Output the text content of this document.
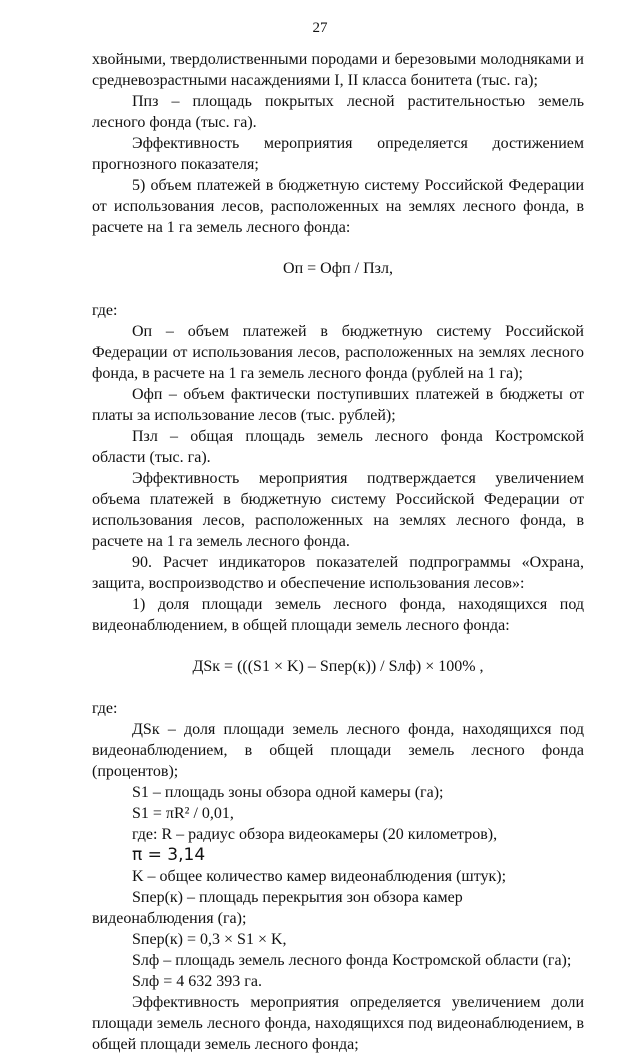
27

хвойными, твердолиственными породами и березовыми молодняками и средневозрастными насаждениями I, II класса бонитета (тыс. га);

Ппз – площадь покрытых лесной растительностью земель лесного фонда (тыс. га).

Эффективность мероприятия определяется достижением прогнозного показателя;

5) объем платежей в бюджетную систему Российской Федерации от использования лесов, расположенных на землях лесного фонда, в расчете на 1 га земель лесного фонда:

Оп = Офп / Пзл,

где:

Оп – объем платежей в бюджетную систему Российской Федерации от использования лесов, расположенных на землях лесного фонда, в расчете на 1 га земель лесного фонда (рублей на 1 га);

Офп – объем фактически поступивших платежей в бюджеты от платы за использование лесов (тыс. рублей);

Пзл – общая площадь земель лесного фонда Костромской области (тыс. га).

Эффективность мероприятия подтверждается увеличением объема платежей в бюджетную систему Российской Федерации от использования лесов, расположенных на землях лесного фонда, в расчете на 1 га земель лесного фонда.

90. Расчет индикаторов показателей подпрограммы «Охрана, защита, воспроизводство и обеспечение использования лесов»:

1) доля площади земель лесного фонда, находящихся под видеонаблюдением, в общей площади земель лесного фонда:

ДSк = (((S1 × K) – Sпер(к)) / Sлф) × 100% ,

где:

ДSк – доля площади земель лесного фонда, находящихся под видеонаблюдением, в общей площади земель лесного фонда (процентов);

S1 – площадь зоны обзора одной камеры (га);

S1 = πR² / 0,01,

где: R – радиус обзора видеокамеры (20 километров),

π = 3,14

K – общее количество камер видеонаблюдения (штук);

Sпер(к) – площадь перекрытия зон обзора камер видеонаблюдения (га);

Sпер(к) = 0,3 × S1 × K,

Sлф – площадь земель лесного фонда Костромской области (га);

Sлф = 4 632 393 га.

Эффективность мероприятия определяется увеличением доли площади земель лесного фонда, находящихся под видеонаблюдением, в общей площади земель лесного фонда;
